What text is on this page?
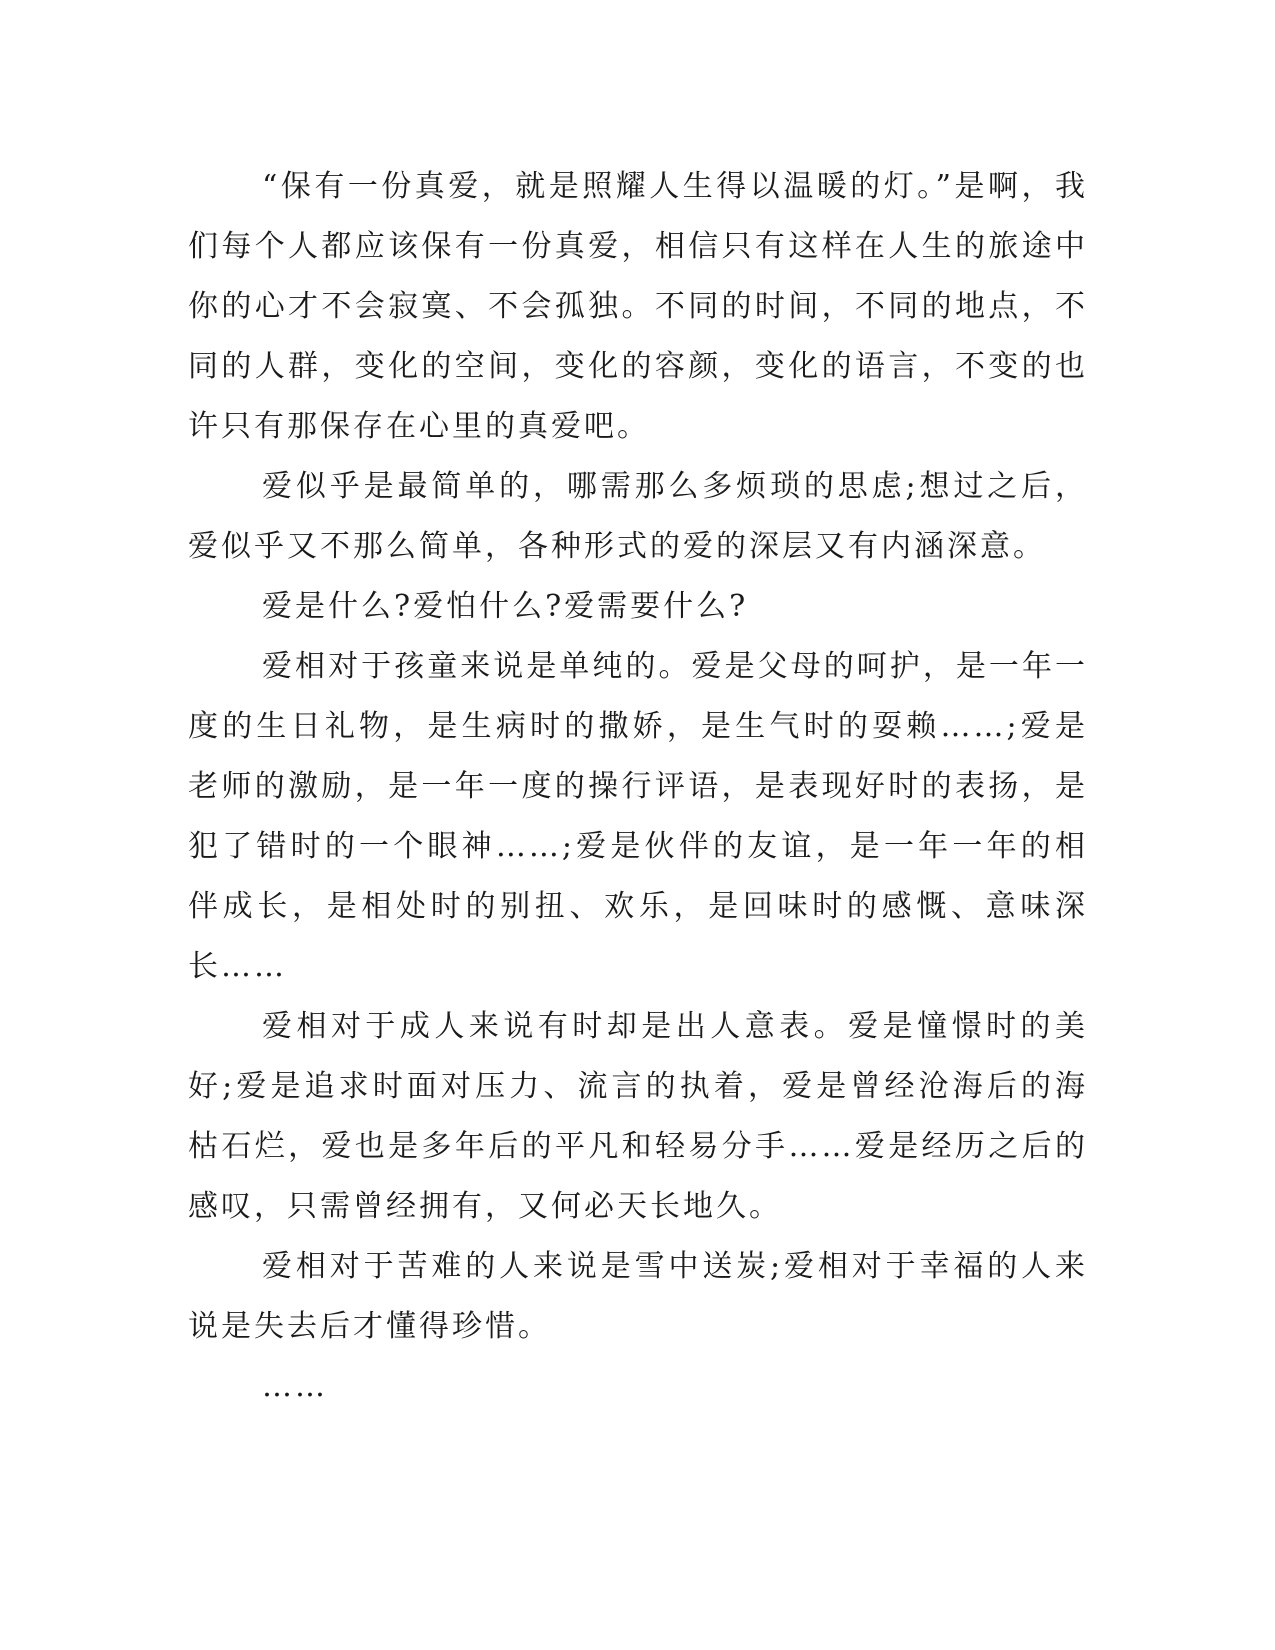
“保有一份真爱，就是照耀人生得以温暖的灯。”是啊，我们每个人都应该保有一份真爱，相信只有这样在人生的旅途中你的心才不会寂寞、不会孤独。不同的时间，不同的地点，不同的人群，变化的空间，变化的容颜，变化的语言，不变的也许只有那保存在心里的真爱吧。

爱似乎是最简单的，哪需那么多烦琐的思虑;想过之后，爱似乎又不那么简单，各种形式的爱的深层又有内涵深意。

爱是什么?爱怕什么?爱需要什么?

爱相对于孩童来说是单纯的。爱是父母的呵护，是一年一度的生日礼物，是生病时的撒娇，是生气时的耍赖……;爱是老师的激励，是一年一度的操行评语，是表现好时的表扬，是犯了错时的一个眼神……;爱是伙伴的友谊，是一年一年的相伴成长，是相处时的别扭、欢乐，是回味时的感慨、意味深长……

爱相对于成人来说有时却是出人意表。爱是憧憬时的美好;爱是追求时面对压力、流言的执着，爱是曾经沧海后的海枯石烂，爱也是多年后的平凡和轻易分手……爱是经历之后的感叹，只需曾经拥有，又何必天长地久。

爱相对于苦难的人来说是雪中送炭;爱相对于幸福的人来说是失去后才懂得珍惜。

……
